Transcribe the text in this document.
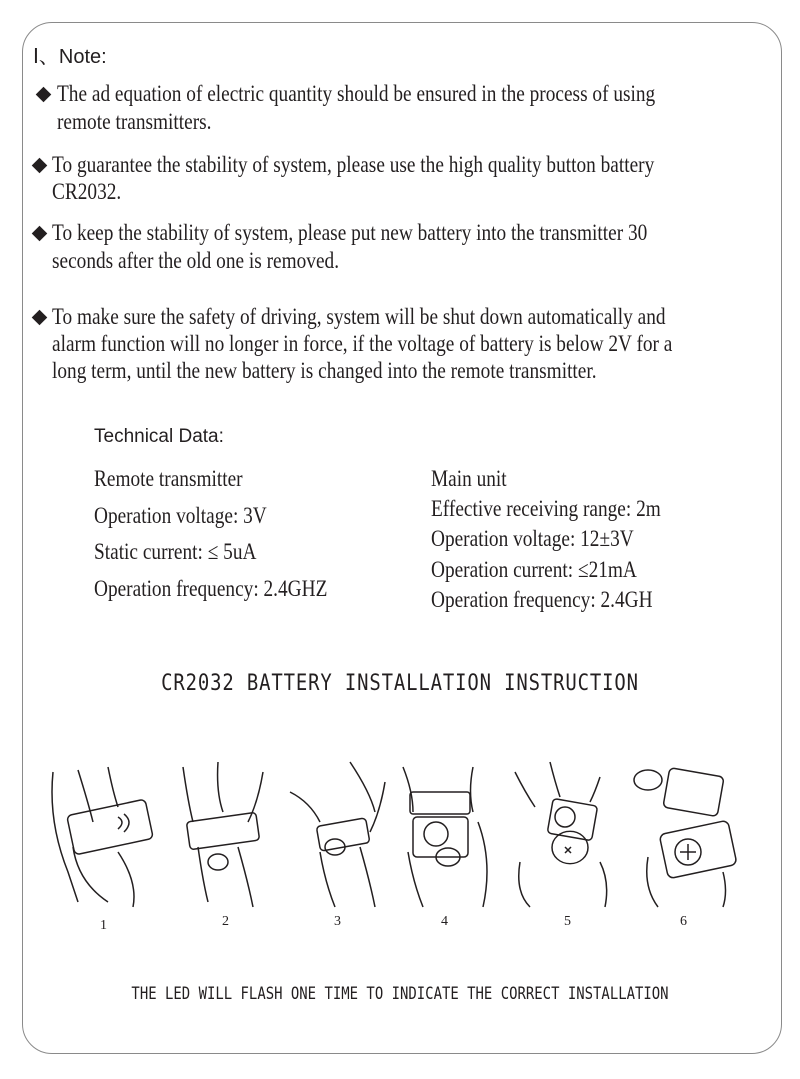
Ⅰ、Note:
The ad equation of electric quantity should be ensured in the process of using
remote transmitters.
To guarantee the stability of system, please use the high quality button battery
CR2032.
To keep the stability of system, please put new battery into the transmitter 30
seconds after the old one is removed.
To make sure the safety of driving, system will be shut down automatically and
alarm function will no longer in force, if the voltage of battery is below 2V for a
long term, until the new battery is changed into the remote transmitter.
Technical Data:
Remote transmitter
Operation voltage: 3V
Static current: ≤ 5uA
Operation frequency: 2.4GHZ
Main unit
Effective receiving range: 2m
Operation voltage: 12±3V
Operation current: ≤21mA
Operation frequency: 2.4GH
CR2032 BATTERY INSTALLATION INSTRUCTION
1	2	3	4	5	6
THE LED WILL FLASH ONE TIME TO INDICATE THE CORRECT INSTALLATION
